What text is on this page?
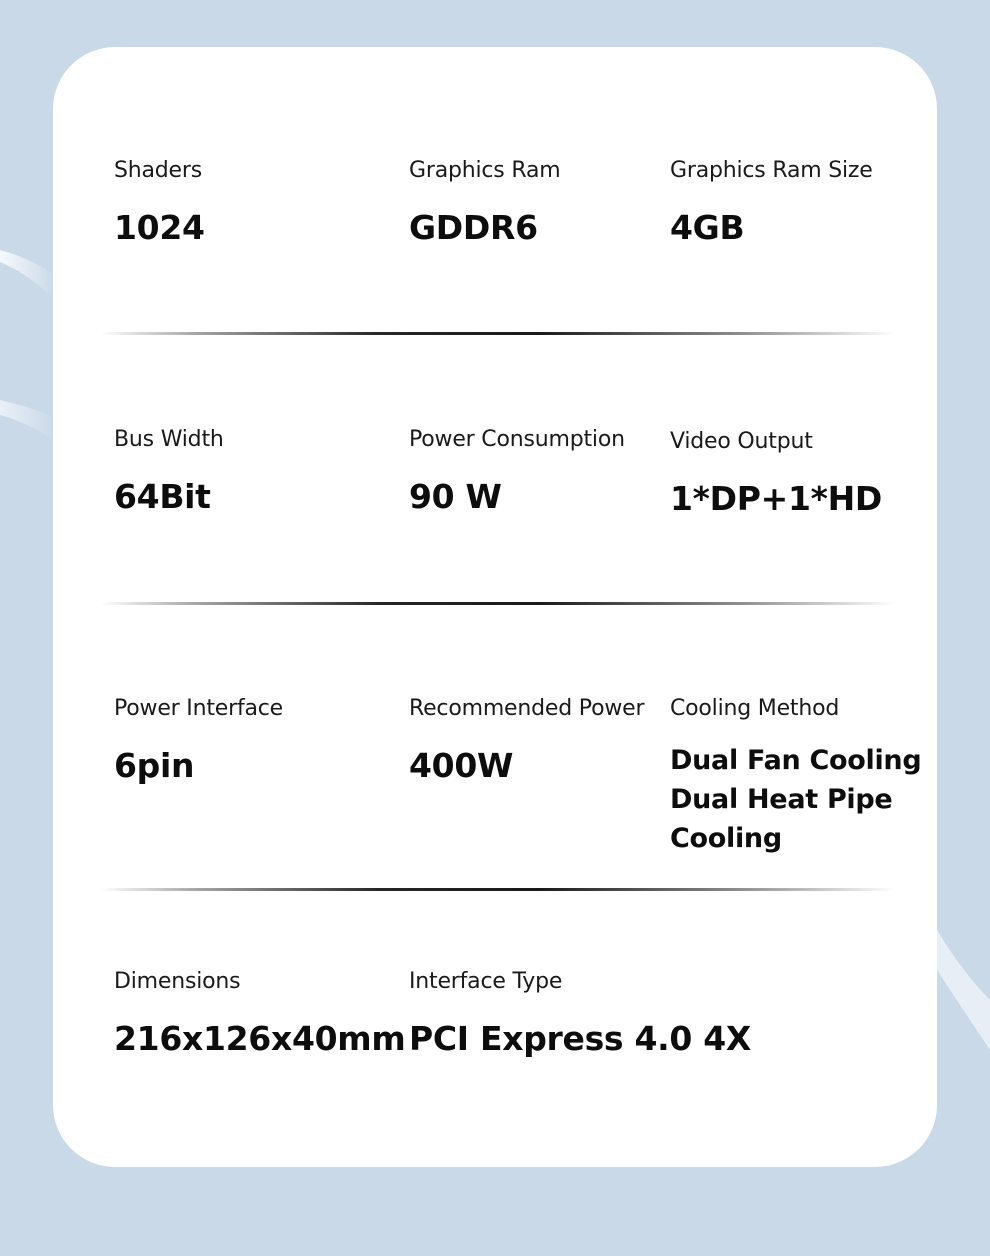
Shaders
1024
Graphics Ram
GDDR6
Graphics Ram Size
4GB
Bus Width
64Bit
Power Consumption
90 W
Video Output
1*DP+1*HD
Power Interface
6pin
Recommended Power
400W
Cooling Method
Dual Fan Cooling
Dual Heat Pipe
Cooling
Dimensions
216x126x40mm
Interface Type
PCI Express 4.0 4X
